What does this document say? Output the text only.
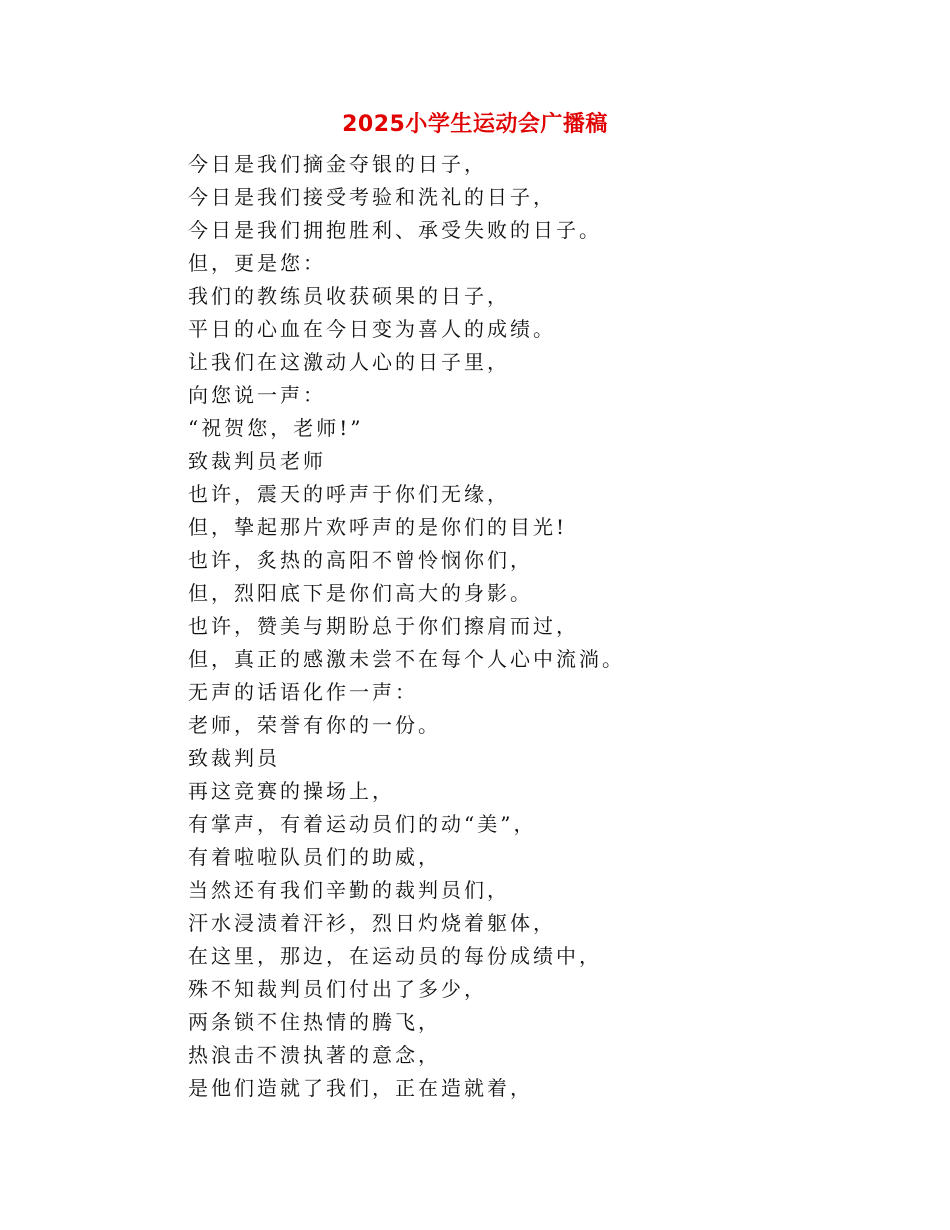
2025小学生运动会广播稿
今日是我们摘金夺银的日子，
今日是我们接受考验和洗礼的日子，
今日是我们拥抱胜利、承受失败的日子。
但，更是您：
我们的教练员收获硕果的日子，
平日的心血在今日变为喜人的成绩。
让我们在这激动人心的日子里，
向您说一声：
“祝贺您，老师!”
致裁判员老师
也许，震天的呼声于你们无缘，
但，挚起那片欢呼声的是你们的目光!
也许，炙热的高阳不曾怜悯你们，
但，烈阳底下是你们高大的身影。
也许，赞美与期盼总于你们擦肩而过，
但，真正的感激未尝不在每个人心中流淌。
无声的话语化作一声：
老师，荣誉有你的一份。
致裁判员
再这竞赛的操场上，
有掌声，有着运动员们的动“美”，
有着啦啦队员们的助威，
当然还有我们辛勤的裁判员们，
汗水浸渍着汗衫，烈日灼烧着躯体，
在这里，那边，在运动员的每份成绩中，
殊不知裁判员们付出了多少，
两条锁不住热情的腾飞，
热浪击不溃执著的意念，
是他们造就了我们，正在造就着，
